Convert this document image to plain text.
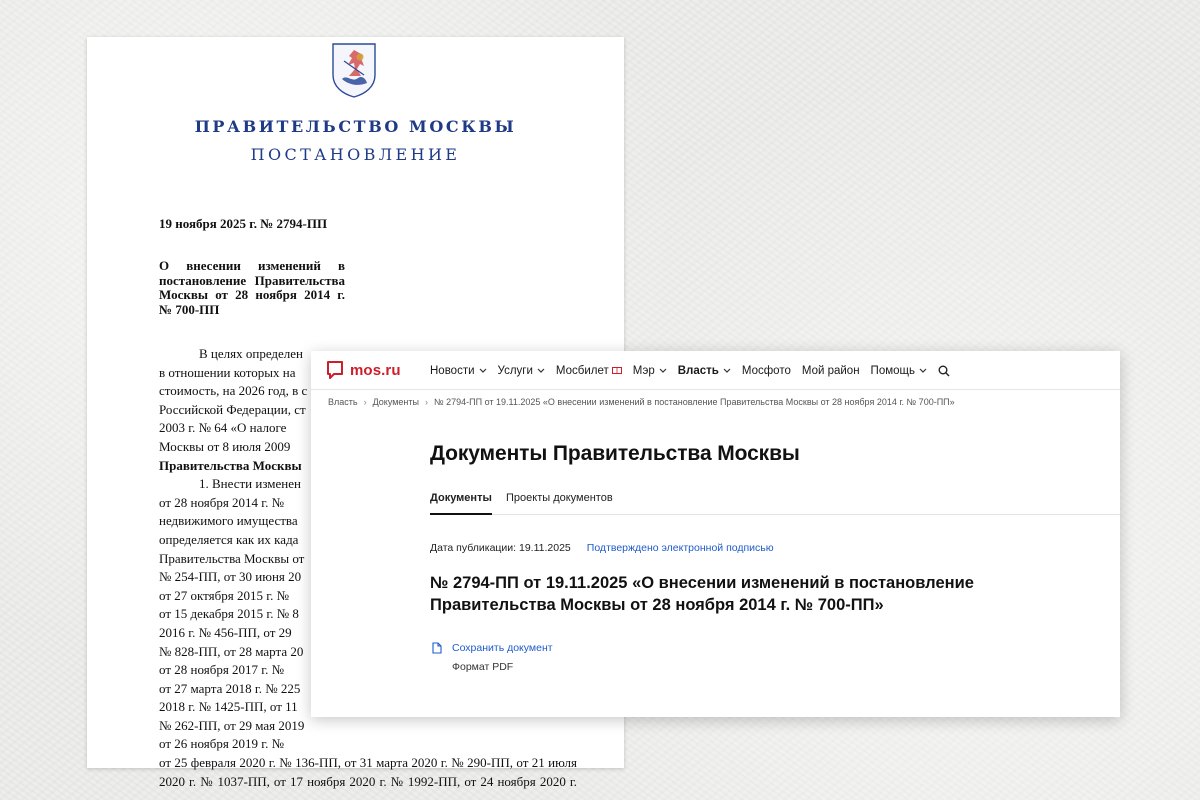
ПРАВИТЕЛЬСТВО МОСКВЫ
ПОСТАНОВЛЕНИЕ
19 ноября 2025 г. № 2794-ПП
О внесении изменений в
постановление Правительства
Москвы от 28 ноября 2014 г.
№ 700-ПП
В целях определен
в отношении которых на
стоимость, на 2026 год, в с
Российской Федерации, ст
2003 г. № 64 «О налоге
Москвы от 8 июля 2009
Правительства Москвы
1. Внести изменен
от 28 ноября 2014 г. №
недвижимого имущества
определяется как их када
Правительства Москвы от
№ 254-ПП, от 30 июня 20
от 27 октября 2015 г. №
от 15 декабря 2015 г. № 8
2016 г. № 456-ПП, от 29
№ 828-ПП, от 28 марта 20
от 28 ноября 2017 г. №
от 27 марта 2018 г. № 225
2018 г. № 1425-ПП, от 11
№ 262-ПП, от 29 мая 2019
от 26 ноября 2019 г. №
от 25 февраля 2020 г. № 136-ПП, от 31 марта 2020 г. № 290-ПП, от 21 июля
2020 г. № 1037-ПП, от 17 ноября 2020 г. № 1992-ПП, от 24 ноября 2020 г.
mos.ru	Новости Услуги Мосбилет Мэр Власть Мосфото Мой район Помощь
Власть › Документы › № 2794-ПП от 19.11.2025 «О внесении изменений в постановление Правительства Москвы от 28 ноября 2014 г. № 700-ПП»
Документы Правительства Москвы
Документы Проекты документов
Дата публикации: 19.11.2025 Подтверждено электронной подписью
№ 2794-ПП от 19.11.2025 «О внесении изменений в постановление Правительства Москвы от 28 ноября 2014 г. № 700-ПП»
Сохранить документ
Формат PDF
